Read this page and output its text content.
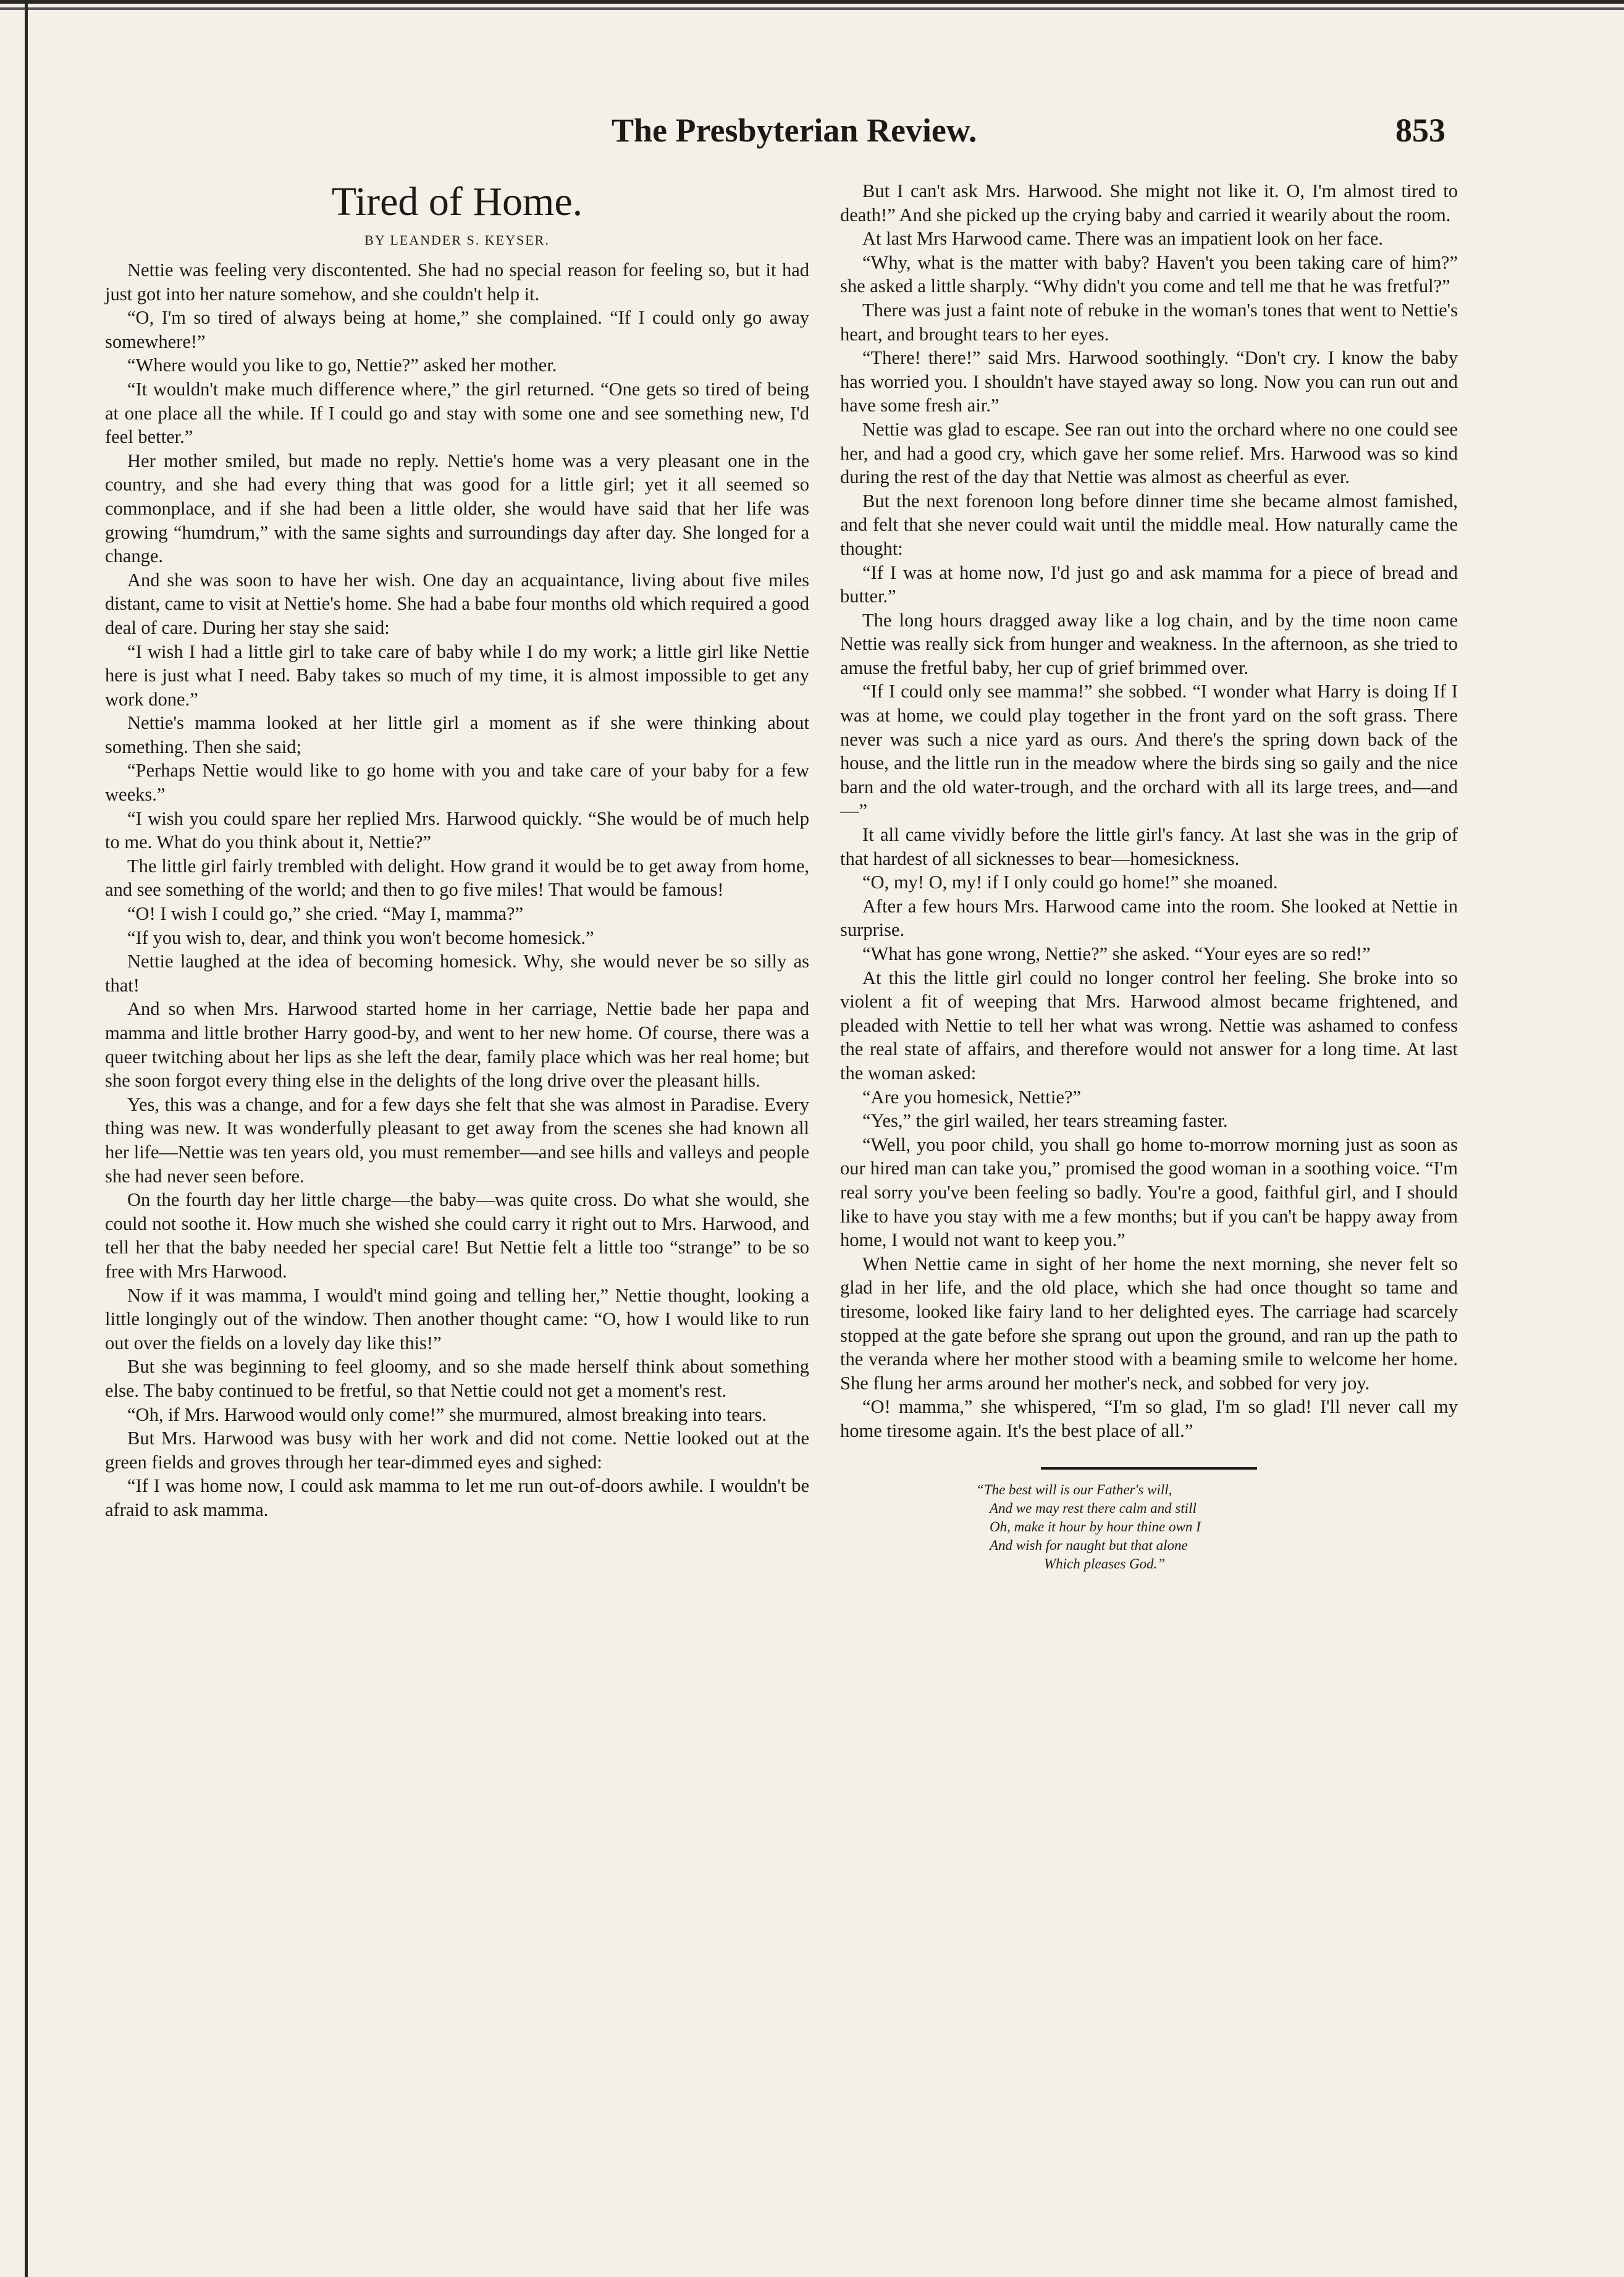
The Presbyterian Review.	853
Tired of Home.
BY LEANDER S. KEYSER.

Nettie was feeling very discontented. She had no special reason for feeling so, but it had just got into her nature somehow, and she couldn't help it.

“O, I'm so tired of always being at home,” she complained. “If I could only go away somewhere!”

“Where would you like to go, Nettie?” asked her mother.

“It wouldn't make much difference where,” the girl returned. “One gets so tired of being at one place all the while. If I could go and stay with some one and see something new, I'd feel better.”

Her mother smiled, but made no reply. Nettie's home was a very pleasant one in the country, and she had every thing that was good for a little girl; yet it all seemed so commonplace, and if she had been a little older, she would have said that her life was growing “humdrum,” with the same sights and surroundings day after day. She longed for a change.

And she was soon to have her wish. One day an acquaintance, living about five miles distant, came to visit at Nettie's home. She had a babe four months old which required a good deal of care. During her stay she said:

“I wish I had a little girl to take care of baby while I do my work; a little girl like Nettie here is just what I need. Baby takes so much of my time, it is almost impossible to get any work done.”

Nettie's mamma looked at her little girl a moment as if she were thinking about something. Then she said;

“Perhaps Nettie would like to go home with you and take care of your baby for a few weeks.”

“I wish you could spare her replied Mrs. Harwood quickly. “She would be of much help to me. What do you think about it, Nettie?”

The little girl fairly trembled with delight. How grand it would be to get away from home, and see something of the world; and then to go five miles! That would be famous!

“O! I wish I could go,” she cried. “May I, mamma?”

“If you wish to, dear, and think you won't become homesick.”

Nettie laughed at the idea of becoming homesick. Why, she would never be so silly as that!

And so when Mrs. Harwood started home in her carriage, Nettie bade her papa and mamma and little brother Harry good-by, and went to her new home. Of course, there was a queer twitching about her lips as she left the dear, family place which was her real home; but she soon forgot every thing else in the delights of the long drive over the pleasant hills.

Yes, this was a change, and for a few days she felt that she was almost in Paradise. Every thing was new. It was wonderfully pleasant to get away from the scenes she had known all her life—Nettie was ten years old, you must remember—and see hills and valleys and people she had never seen before.

On the fourth day her little charge—the baby—was quite cross. Do what she would, she could not soothe it. How much she wished she could carry it right out to Mrs. Harwood, and tell her that the baby needed her special care! But Nettie felt a little too “strange” to be so free with Mrs Harwood.

Now if it was mamma, I would't mind going and telling her,” Nettie thought, looking a little longingly out of the window. Then another thought came: “O, how I would like to run out over the fields on a lovely day like this!”

But she was beginning to feel gloomy, and so she made herself think about something else. The baby continued to be fretful, so that Nettie could not get a moment's rest.

“Oh, if Mrs. Harwood would only come!” she murmured, almost breaking into tears.

But Mrs. Harwood was busy with her work and did not come. Nettie looked out at the green fields and groves through her tear-dimmed eyes and sighed:

“If I was home now, I could ask mamma to let me run out-of-doors awhile. I wouldn't be afraid to ask mamma.

But I can't ask Mrs. Harwood. She might not like it. O, I'm almost tired to death!” And she picked up the crying baby and carried it wearily about the room.

At last Mrs Harwood came. There was an impatient look on her face.

“Why, what is the matter with baby? Haven't you been taking care of him?” she asked a little sharply. “Why didn't you come and tell me that he was fretful?”

There was just a faint note of rebuke in the woman's tones that went to Nettie's heart, and brought tears to her eyes.

“There! there!” said Mrs. Harwood soothingly. “Don't cry. I know the baby has worried you. I shouldn't have stayed away so long. Now you can run out and have some fresh air.”

Nettie was glad to escape. See ran out into the orchard where no one could see her, and had a good cry, which gave her some relief. Mrs. Harwood was so kind during the rest of the day that Nettie was almost as cheerful as ever.

But the next forenoon long before dinner time she became almost famished, and felt that she never could wait until the middle meal. How naturally came the thought:

“If I was at home now, I'd just go and ask mamma for a piece of bread and butter.”

The long hours dragged away like a log chain, and by the time noon came Nettie was really sick from hunger and weakness. In the afternoon, as she tried to amuse the fretful baby, her cup of grief brimmed over.

“If I could only see mamma!” she sobbed. “I wonder what Harry is doing If I was at home, we could play together in the front yard on the soft grass. There never was such a nice yard as ours. And there's the spring down back of the house, and the little run in the meadow where the birds sing so gaily and the nice barn and the old water-trough, and the orchard with all its large trees, and—and—”

It all came vividly before the little girl's fancy. At last she was in the grip of that hardest of all sicknesses to bear—homesickness.

“O, my! O, my! if I only could go home!” she moaned.

After a few hours Mrs. Harwood came into the room. She looked at Nettie in surprise.

“What has gone wrong, Nettie?” she asked. “Your eyes are so red!”

At this the little girl could no longer control her feeling. She broke into so violent a fit of weeping that Mrs. Harwood almost became frightened, and pleaded with Nettie to tell her what was wrong. Nettie was ashamed to confess the real state of affairs, and therefore would not answer for a long time. At last the woman asked:

“Are you homesick, Nettie?”

“Yes,” the girl wailed, her tears streaming faster.

“Well, you poor child, you shall go home to-morrow morning just as soon as our hired man can take you,” promised the good woman in a soothing voice. “I'm real sorry you've been feeling so badly. You're a good, faithful girl, and I should like to have you stay with me a few months; but if you can't be happy away from home, I would not want to keep you.”

When Nettie came in sight of her home the next morning, she never felt so glad in her life, and the old place, which she had once thought so tame and tiresome, looked like fairy land to her delighted eyes. The carriage had scarcely stopped at the gate before she sprang out upon the ground, and ran up the path to the veranda where her mother stood with a beaming smile to welcome her home. She flung her arms around her mother's neck, and sobbed for very joy.

“O! mamma,” she whispered, “I'm so glad, I'm so glad! I'll never call my home tiresome again. It's the best place of all.”

“The best will is our Father's will,
And we may rest there calm and still
Oh, make it hour by hour thine own I
And wish for naught but that alone
Which pleases God.”
